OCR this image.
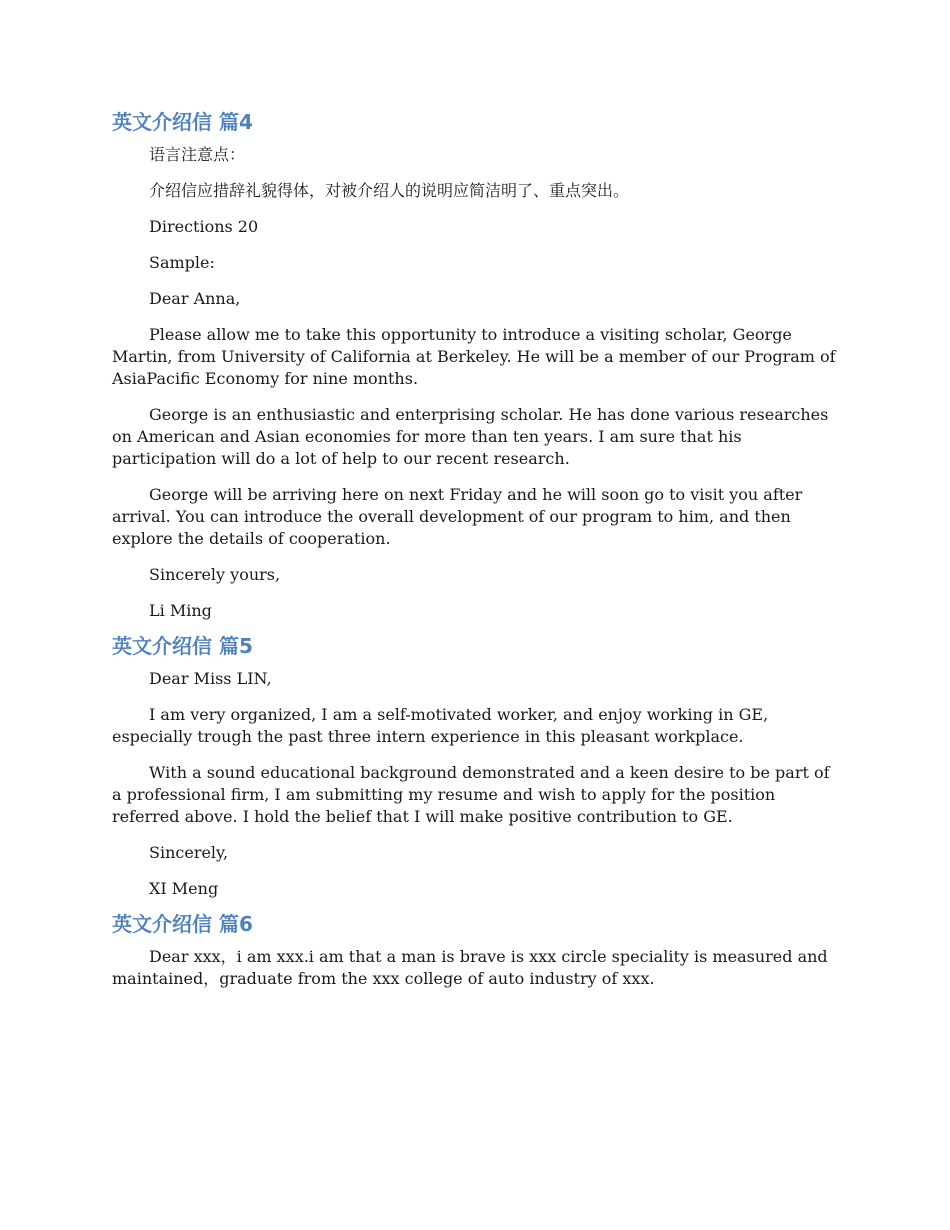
英文介绍信 篇4

语言注意点：

介绍信应措辞礼貌得体，对被介绍人的说明应简洁明了、重点突出。

Directions 20

Sample:

Dear Anna,

Please allow me to take this opportunity to introduce a visiting scholar, George Martin, from University of California at Berkeley. He will be a member of our Program of AsiaPacific Economy for nine months.

George is an enthusiastic and enterprising scholar. He has done various researches on American and Asian economies for more than ten years. I am sure that his participation will do a lot of help to our recent research.

George will be arriving here on next Friday and he will soon go to visit you after arrival. You can introduce the overall development of our program to him, and then explore the details of cooperation.

Sincerely yours,

Li Ming

英文介绍信 篇5

Dear Miss LIN,

I am very organized, I am a self-motivated worker, and enjoy working in GE, especially trough the past three intern experience in this pleasant workplace.

With a sound educational background demonstrated and a keen desire to be part of a professional firm, I am submitting my resume and wish to apply for the position referred above. I hold the belief that I will make positive contribution to GE.

Sincerely,

XI Meng

英文介绍信 篇6

Dear xxx，i am xxx.i am that a man is brave is xxx circle speciality is measured and maintained，graduate from the xxx college of auto industry of xxx.
